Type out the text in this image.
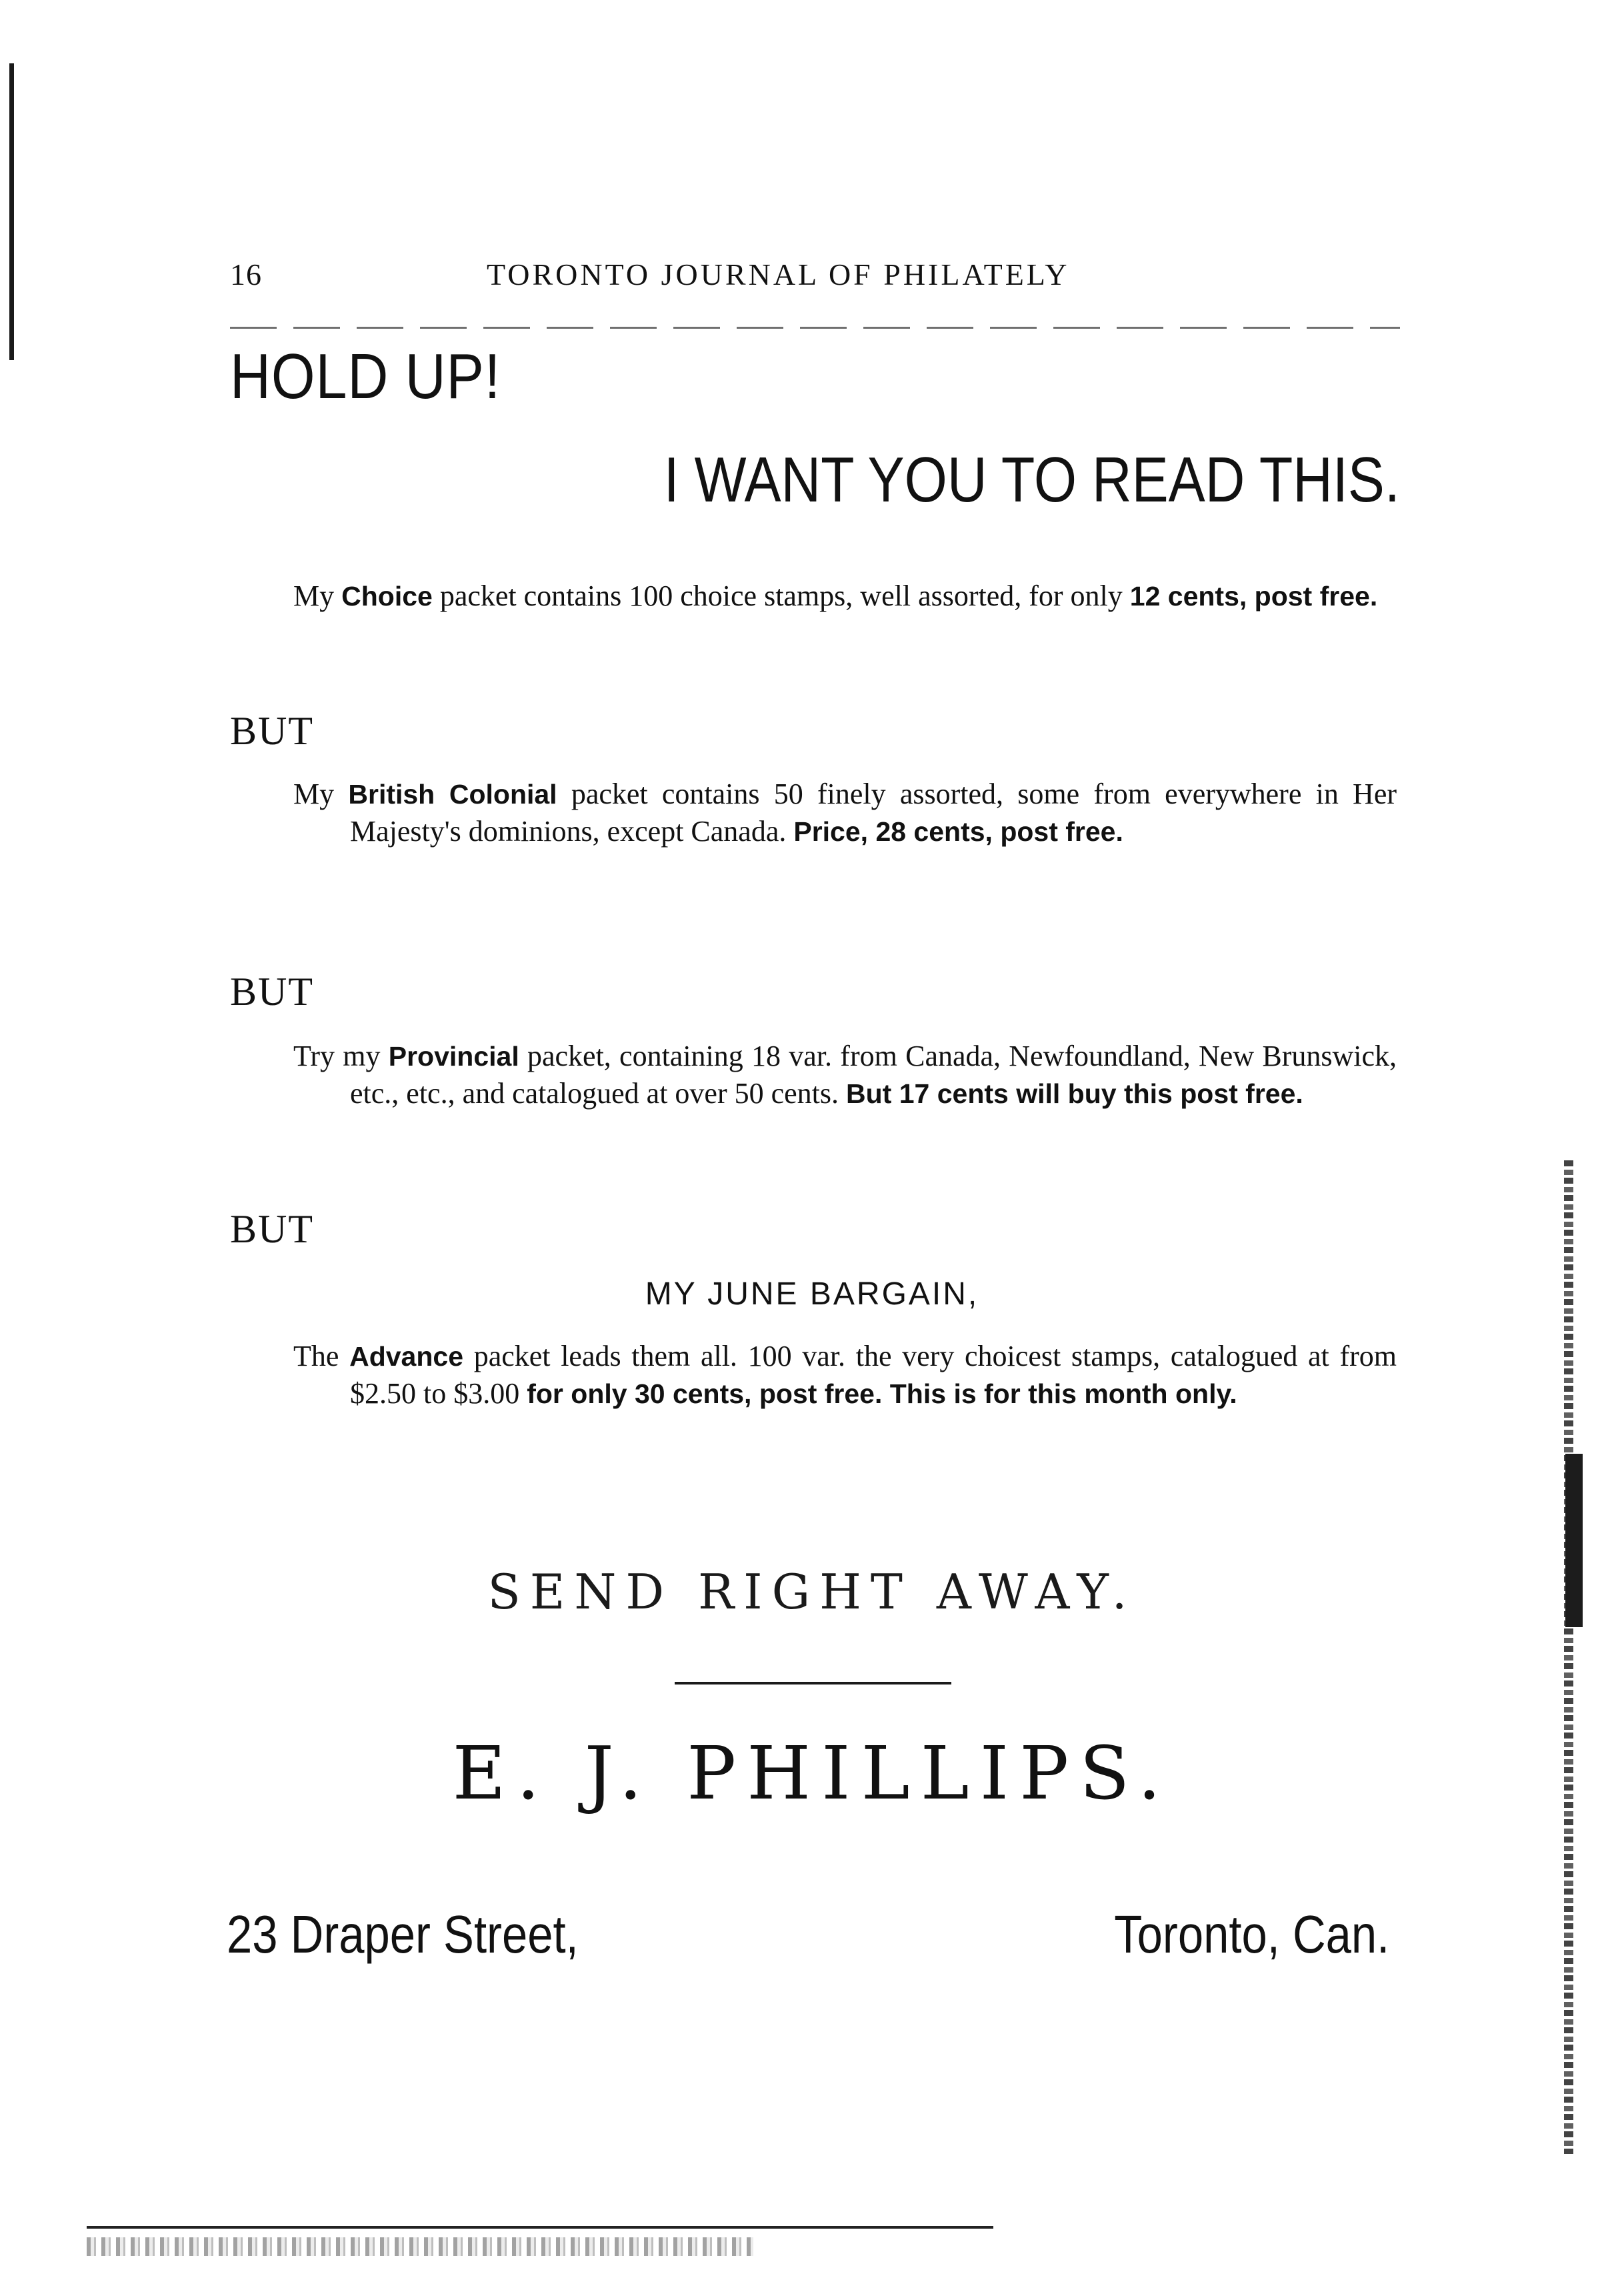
16	TORONTO JOURNAL OF PHILATELY
HOLD UP!
I WANT YOU TO READ THIS.
My Choice packet contains 100 choice stamps, well assorted, for only 12 cents, post free.
BUT
My British Colonial packet contains 50 finely assorted, some from everywhere in Her Majesty's dominions, except Canada. Price, 28 cents, post free.
BUT
Try my Provincial packet, containing 18 var. from Canada, Newfoundland, New Brunswick, etc., etc., and catalogued at over 50 cents. But 17 cents will buy this post free.
BUT
MY JUNE BARGAIN,
The Advance packet leads them all. 100 var. the very choicest stamps, catalogued at from $2.50 to $3.00 for only 30 cents, post free. This is for this month only.
SEND RIGHT AWAY.
E. J. PHILLIPS.
23 Draper Street,	Toronto, Can.
